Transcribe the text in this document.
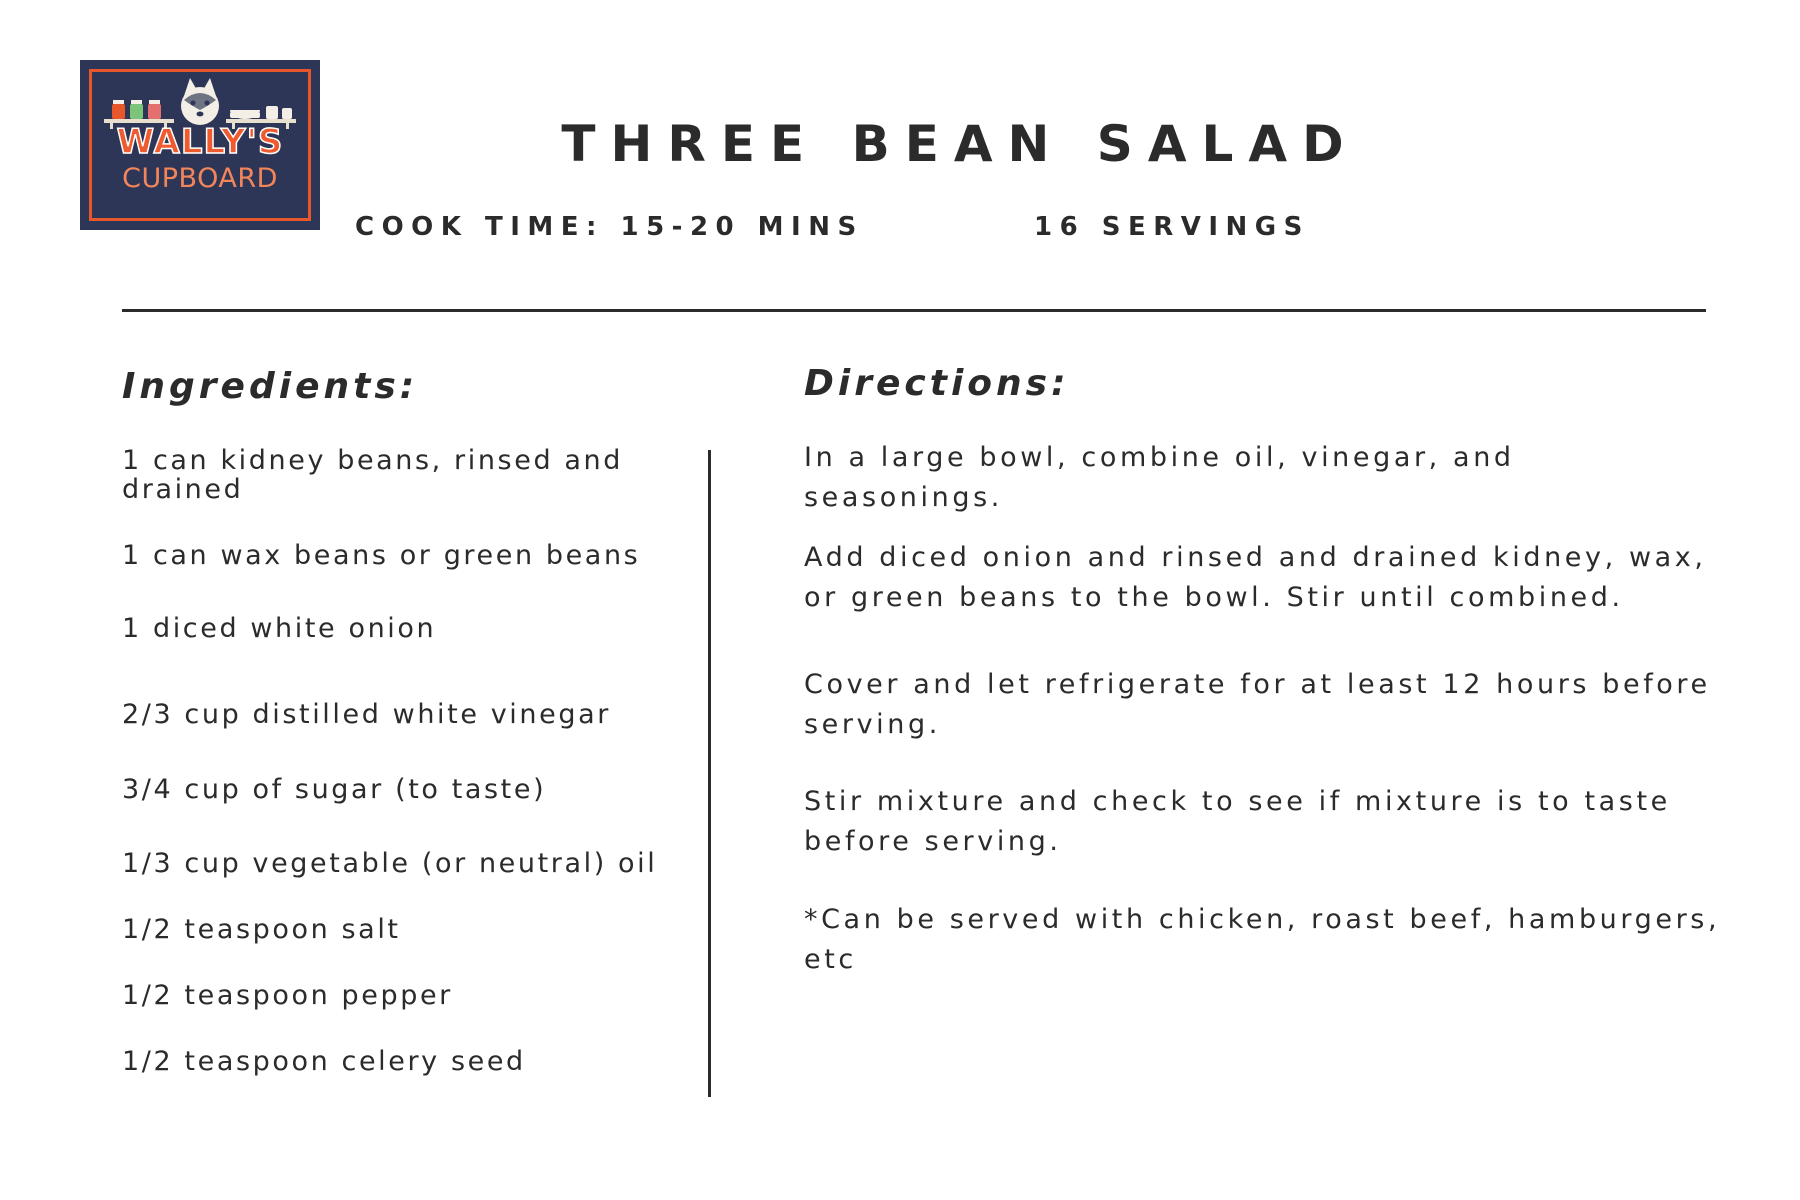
WALLY'S
CUPBOARD
THREE BEAN SALAD
COOK TIME: 15-20 MINS	16 SERVINGS
Ingredients:
1 can kidney beans, rinsed and drained
1 can wax beans or green beans
1 diced white onion
2/3 cup distilled white vinegar
3/4 cup of sugar (to taste)
1/3 cup vegetable (or neutral) oil
1/2 teaspoon salt
1/2 teaspoon pepper
1/2 teaspoon celery seed
Directions:
In a large bowl, combine oil, vinegar, and seasonings.
Add diced onion and rinsed and drained kidney, wax, or green beans to the bowl. Stir until combined.
Cover and let refrigerate for at least 12 hours before serving.
Stir mixture and check to see if mixture is to taste before serving.
*Can be served with chicken, roast beef, hamburgers, etc
